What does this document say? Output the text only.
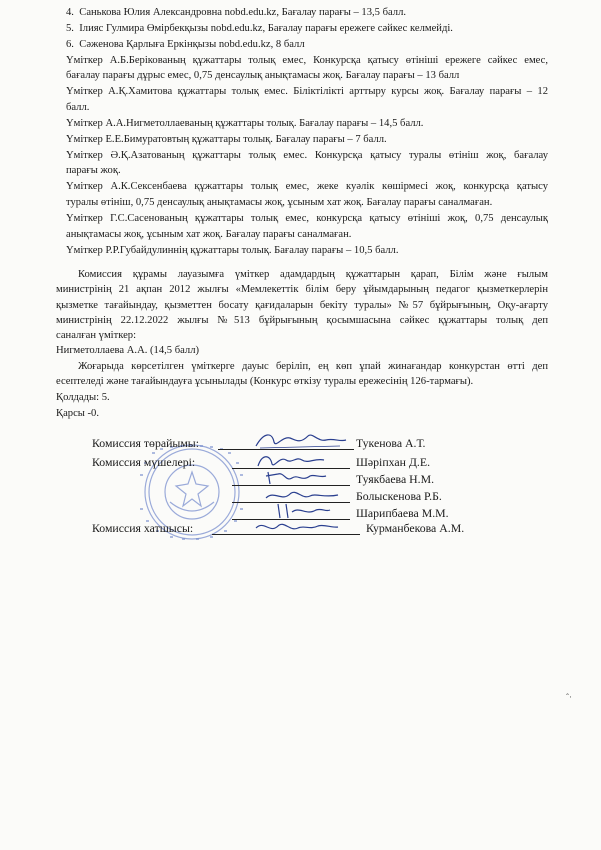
4. Санькова Юлия Александровна nobd.edu.kz, Бағалау парағы – 13,5 балл.
5. Ілияс Гулмира Өмірбекқызы nobd.edu.kz, Бағалау парағы ережеге сәйкес келмейді.
6. Сәженова Қарлыға Еркінқызы nobd.edu.kz, 8 балл
Үміткер А.Б.Берікованың құжаттары толық емес, Конкурсқа қатысу өтініші ережеге сәйкес емес,
бағалау парағы дұрыс емес, 0,75 денсаулық анықтамасы жоқ. Бағалау парағы – 13 балл
Үміткер А.Қ.Хамитова құжаттары толық емес. Біліктілікті арттыру курсы жоқ. Бағалау парағы – 12
балл.
Үміткер А.А.Нигметоллаеваның құжаттары толық. Бағалау парағы – 14,5 балл.
Үміткер Е.Е.Бимуратовтың құжаттары толық. Бағалау парағы – 7 балл.
Үміткер Ә.Қ.Азатованың құжаттары толық емес. Конкурсқа қатысу туралы өтініш жоқ, бағалау
парағы жоқ.
Үміткер А.К.Сексенбаева құжаттары толық емес, жеке куәлік көшірмесі жоқ, конкурсқа қатысу
туралы өтініш, 0,75 денсаулық анықтамасы жоқ, ұсыным хат жоқ. Бағалау парағы саналмаған.
Үміткер Г.С.Сасенованың құжаттары толық емес, конкурсқа қатысу өтініші жоқ, 0,75 денсаулық
анықтамасы жоқ, ұсыным хат жоқ. Бағалау парағы саналмаған.
Үміткер Р.Р.Губайдулиннің құжаттары толық. Бағалау парағы – 10,5 балл.
Комиссия құрамы лауазымға үміткер адамдардың құжаттарын қарап, Білім және ғылым
министрінің 21 ақпан 2012 жылғы «Мемлекеттік білім беру ұйымдарының педагог қызметкерлерін
қызметке тағайындау, қызметтен босату қағидаларын бекіту туралы» №57 бұйрығының, Оқу-ағарту
министрінің 22.12.2022 жылғы №513 бұйрығының қосымшасына сәйкес құжаттары толық деп
саналған үміткер:
Нигметоллаева А.А. (14,5 балл)
Жоғарыда көрсетілген үміткерге дауыс беріліп, ең көп ұпай жинағандар конкурстан өтті деп
есептеледі және тағайындауға ұсынылады (Конкурс өткізу туралы ережесінің 126-тармағы).
Қолдады: 5.
Қарсы -0.
Комиссия төрайымы:	Тукенова А.Т.
Комиссия мүшелері:	Шәріпхан Д.Е.
Туякбаева Н.М.
Болыскенова Р.Б.
Шарипбаева М.М.
Комиссия хатшысы:	Курманбекова А.М.
ˆ·
